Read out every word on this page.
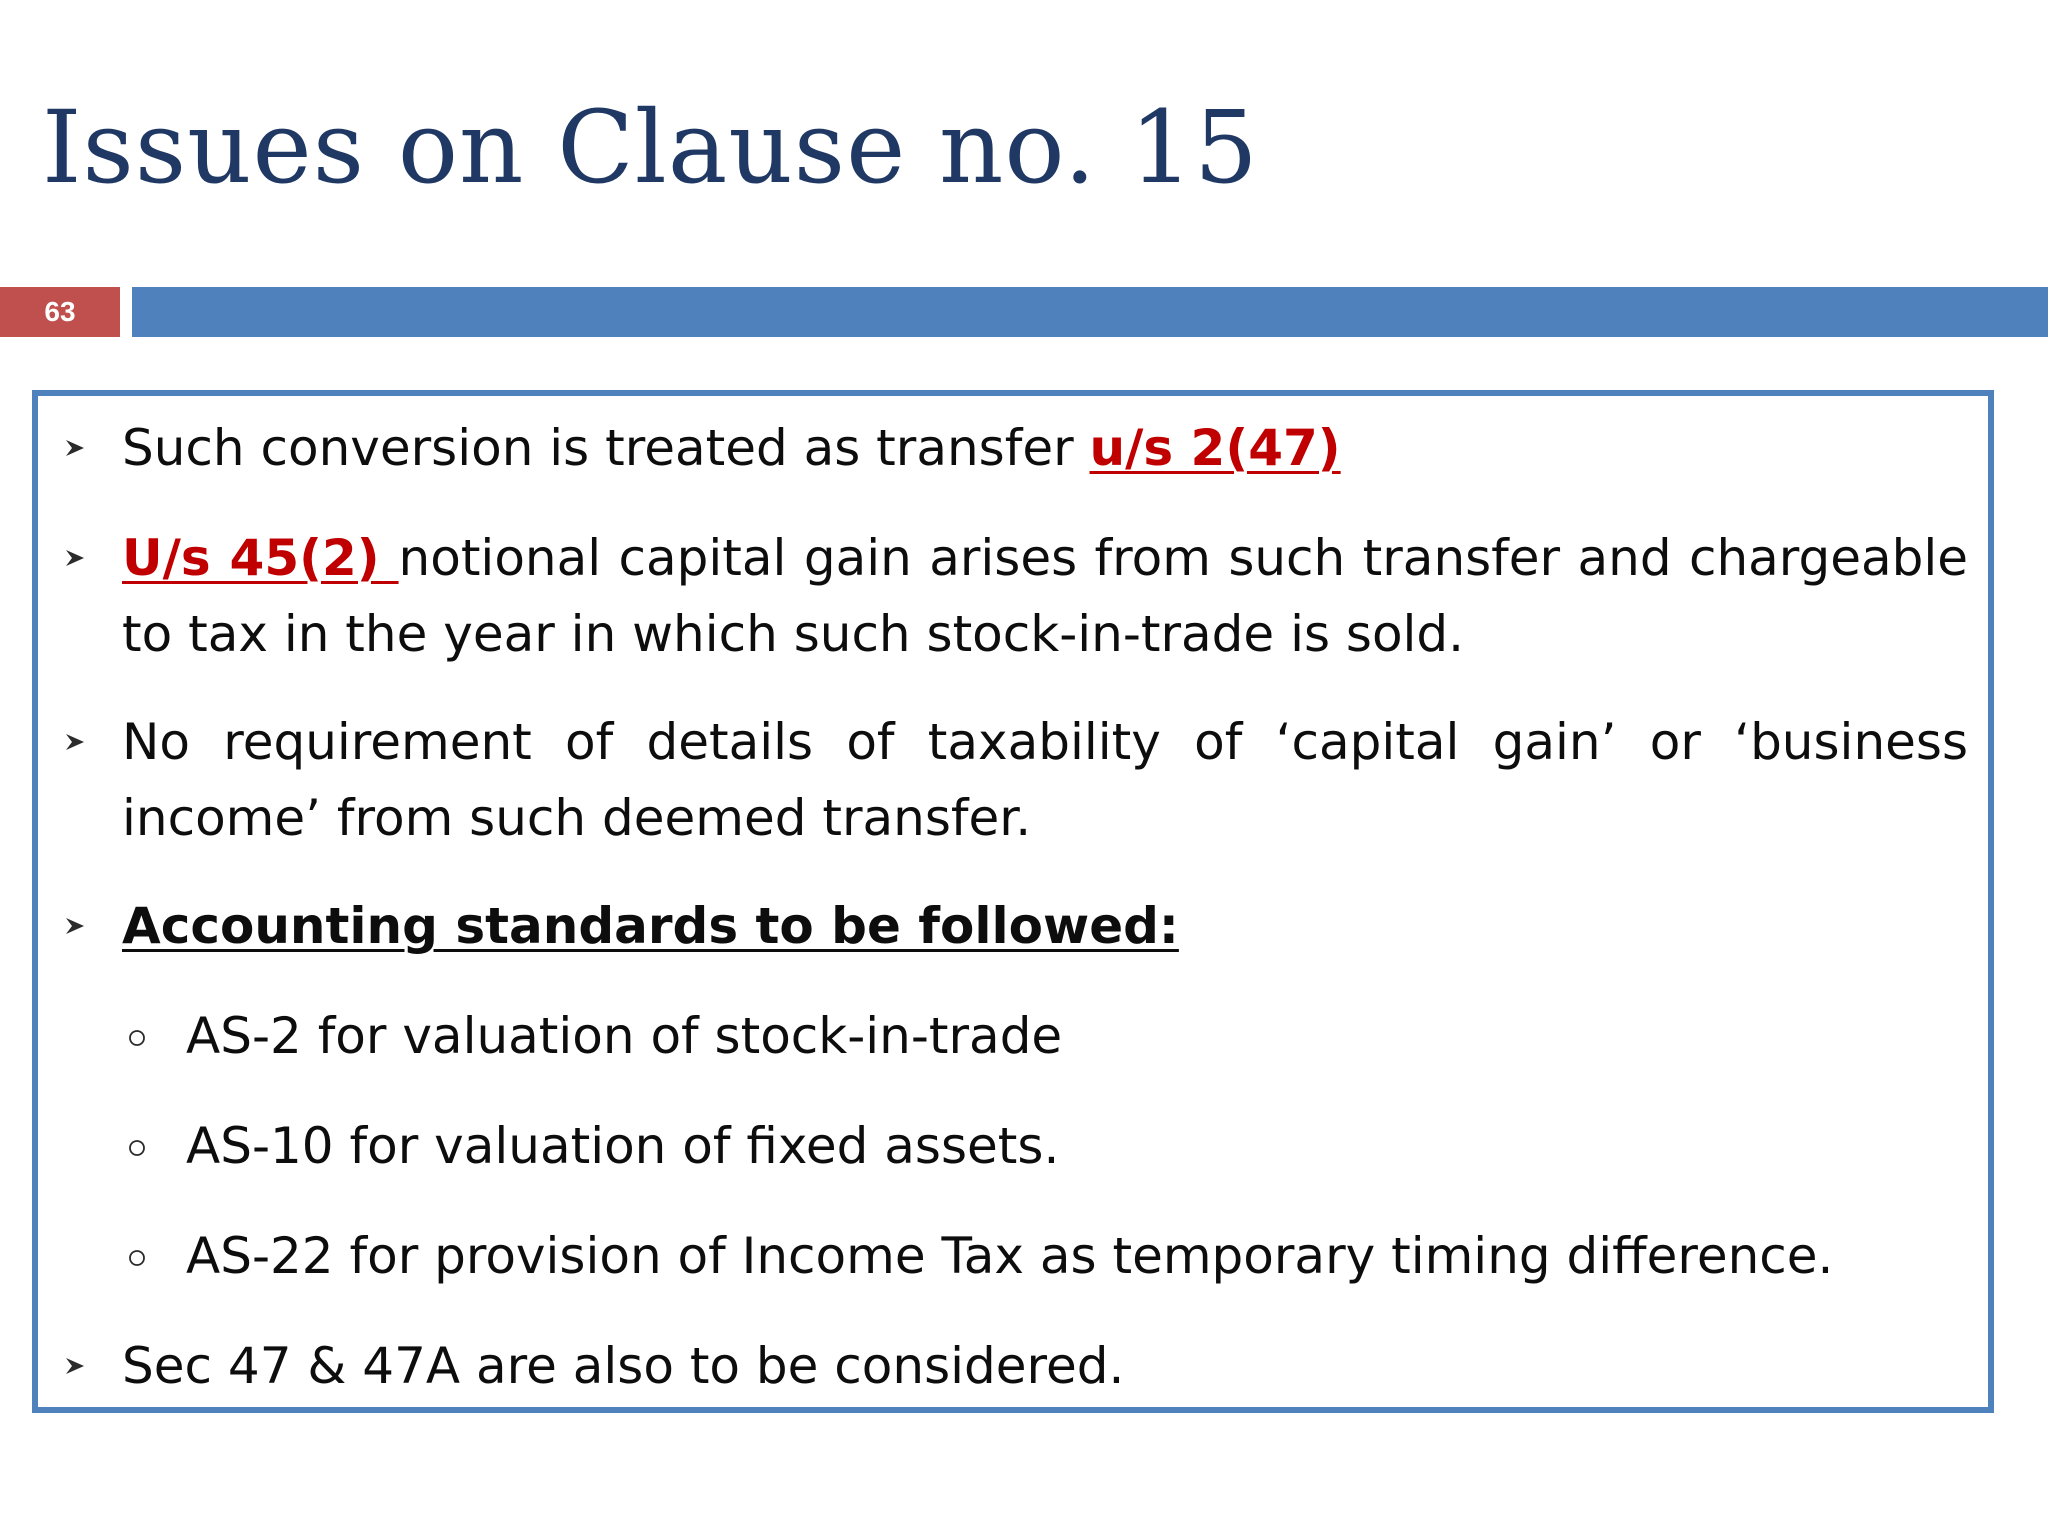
Issues on Clause no. 15
63
Such conversion is treated as transfer u/s 2(47)
U/s 45(2) notional capital gain arises from such transfer and chargeable to tax in the year in which such stock-in-trade is sold.
No requirement of details of taxability of ‘capital gain’ or ‘business income’ from such deemed transfer.
Accounting standards to be followed:
AS-2 for valuation of stock-in-trade
AS-10 for valuation of fixed assets.
AS-22 for provision of Income Tax as temporary timing difference.
Sec 47 & 47A are also to be considered.
